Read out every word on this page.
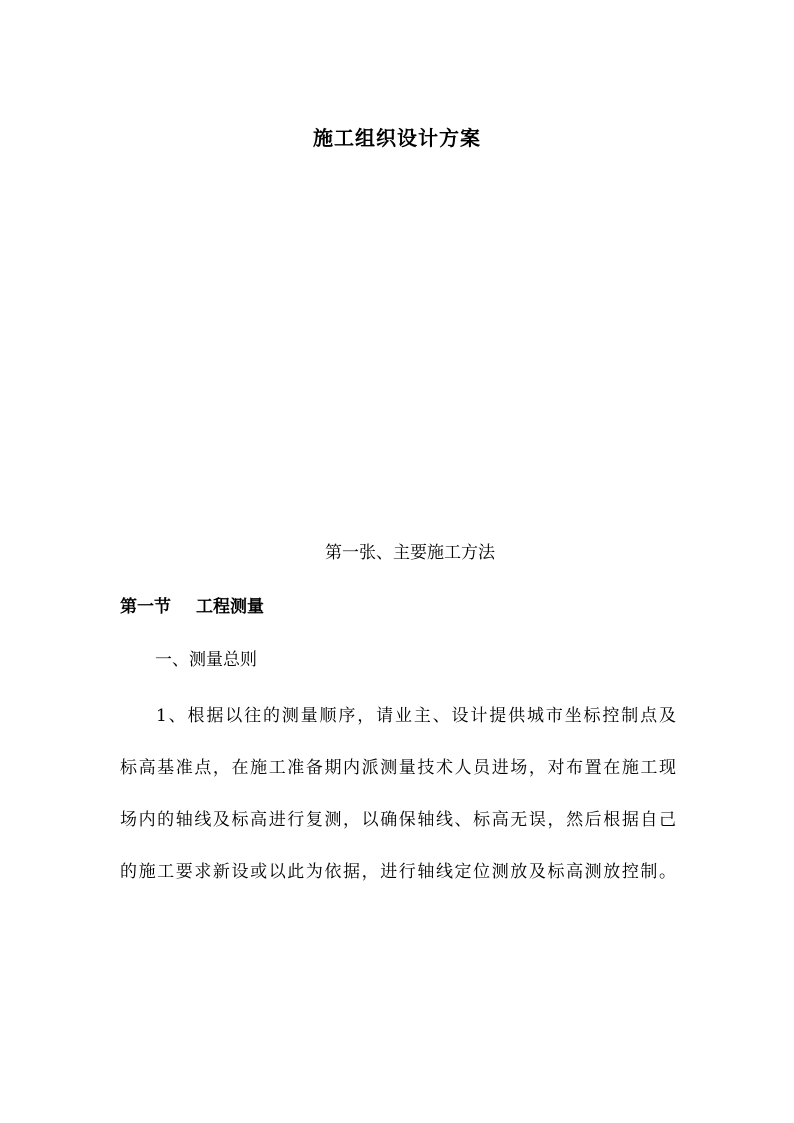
施工组织设计方案
第一张、主要施工方法
第一节 工程测量
一、测量总则
1、根据以往的测量顺序，请业主、设计提供城市坐标控制点及
标高基准点，在施工准备期内派测量技术人员进场，对布置在施工现
场内的轴线及标高进行复测，以确保轴线、标高无误，然后根据自己
的施工要求新设或以此为依据，进行轴线定位测放及标高测放控制。
